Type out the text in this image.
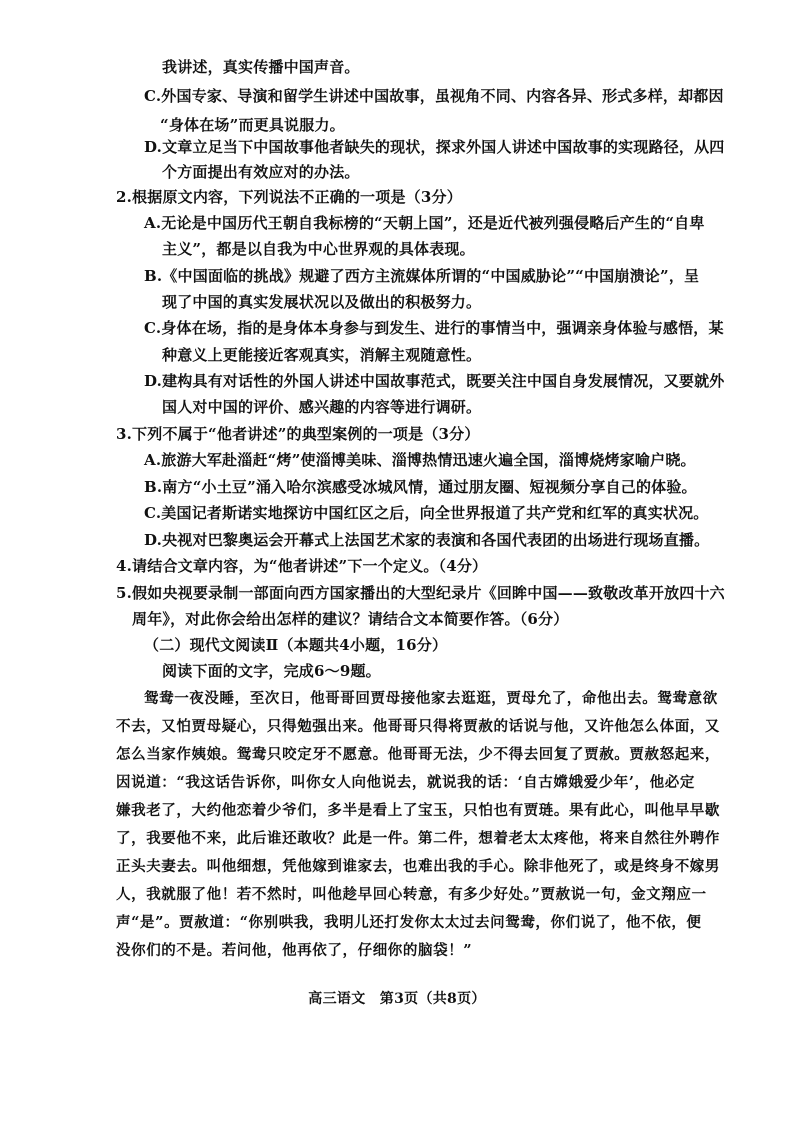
我讲述，真实传播中国声音。
C.外国专家、导演和留学生讲述中国故事，虽视角不同、内容各异、形式多样，却都因
“身体在场”而更具说服力。
D.文章立足当下中国故事他者缺失的现状，探求外国人讲述中国故事的实现路径，从四
个方面提出有效应对的办法。
2.根据原文内容，下列说法不正确的一项是（3分）
A.无论是中国历代王朝自我标榜的“天朝上国”，还是近代被列强侵略后产生的“自卑
主义”，都是以自我为中心世界观的具体表现。
B.《中国面临的挑战》规避了西方主流媒体所谓的“中国威胁论”“中国崩溃论”，呈
现了中国的真实发展状况以及做出的积极努力。
C.身体在场，指的是身体本身参与到发生、进行的事情当中，强调亲身体验与感悟，某
种意义上更能接近客观真实，消解主观随意性。
D.建构具有对话性的外国人讲述中国故事范式，既要关注中国自身发展情况，又要就外
国人对中国的评价、感兴趣的内容等进行调研。
3.下列不属于“他者讲述”的典型案例的一项是（3分）
A.旅游大军赴淄赶“烤”使淄博美味、淄博热情迅速火遍全国，淄博烧烤家喻户晓。
B.南方“小土豆”涌入哈尔滨感受冰城风情，通过朋友圈、短视频分享自己的体验。
C.美国记者斯诺实地探访中国红区之后，向全世界报道了共产党和红军的真实状况。
D.央视对巴黎奥运会开幕式上法国艺术家的表演和各国代表团的出场进行现场直播。
4.请结合文章内容，为“他者讲述”下一个定义。（4分）
5.假如央视要录制一部面向西方国家播出的大型纪录片《回眸中国——致敬改革开放四十六
周年》，对此你会给出怎样的建议？请结合文本简要作答。（6分）
（二）现代文阅读Ⅱ（本题共4小题，16分）
阅读下面的文字，完成6～9题。
鸳鸯一夜没睡，至次日，他哥哥回贾母接他家去逛逛，贾母允了，命他出去。鸳鸯意欲
不去，又怕贾母疑心，只得勉强出来。他哥哥只得将贾赦的话说与他，又许他怎么体面，又
怎么当家作姨娘。鸳鸯只咬定牙不愿意。他哥哥无法，少不得去回复了贾赦。贾赦怒起来，
因说道：“我这话告诉你，叫你女人向他说去，就说我的话：‘自古嫦娥爱少年’，他必定
嫌我老了，大约他恋着少爷们，多半是看上了宝玉，只怕也有贾琏。果有此心，叫他早早歇
了，我要他不来，此后谁还敢收？此是一件。第二件，想着老太太疼他，将来自然往外聘作
正头夫妻去。叫他细想，凭他嫁到谁家去，也难出我的手心。除非他死了，或是终身不嫁男
人，我就服了他！若不然时，叫他趁早回心转意，有多少好处。”贾赦说一句，金文翔应一
声“是”。贾赦道：“你别哄我，我明儿还打发你太太过去问鸳鸯，你们说了，他不依，便
没你们的不是。若问他，他再依了，仔细你的脑袋！”
高三语文　第3页（共8页）
